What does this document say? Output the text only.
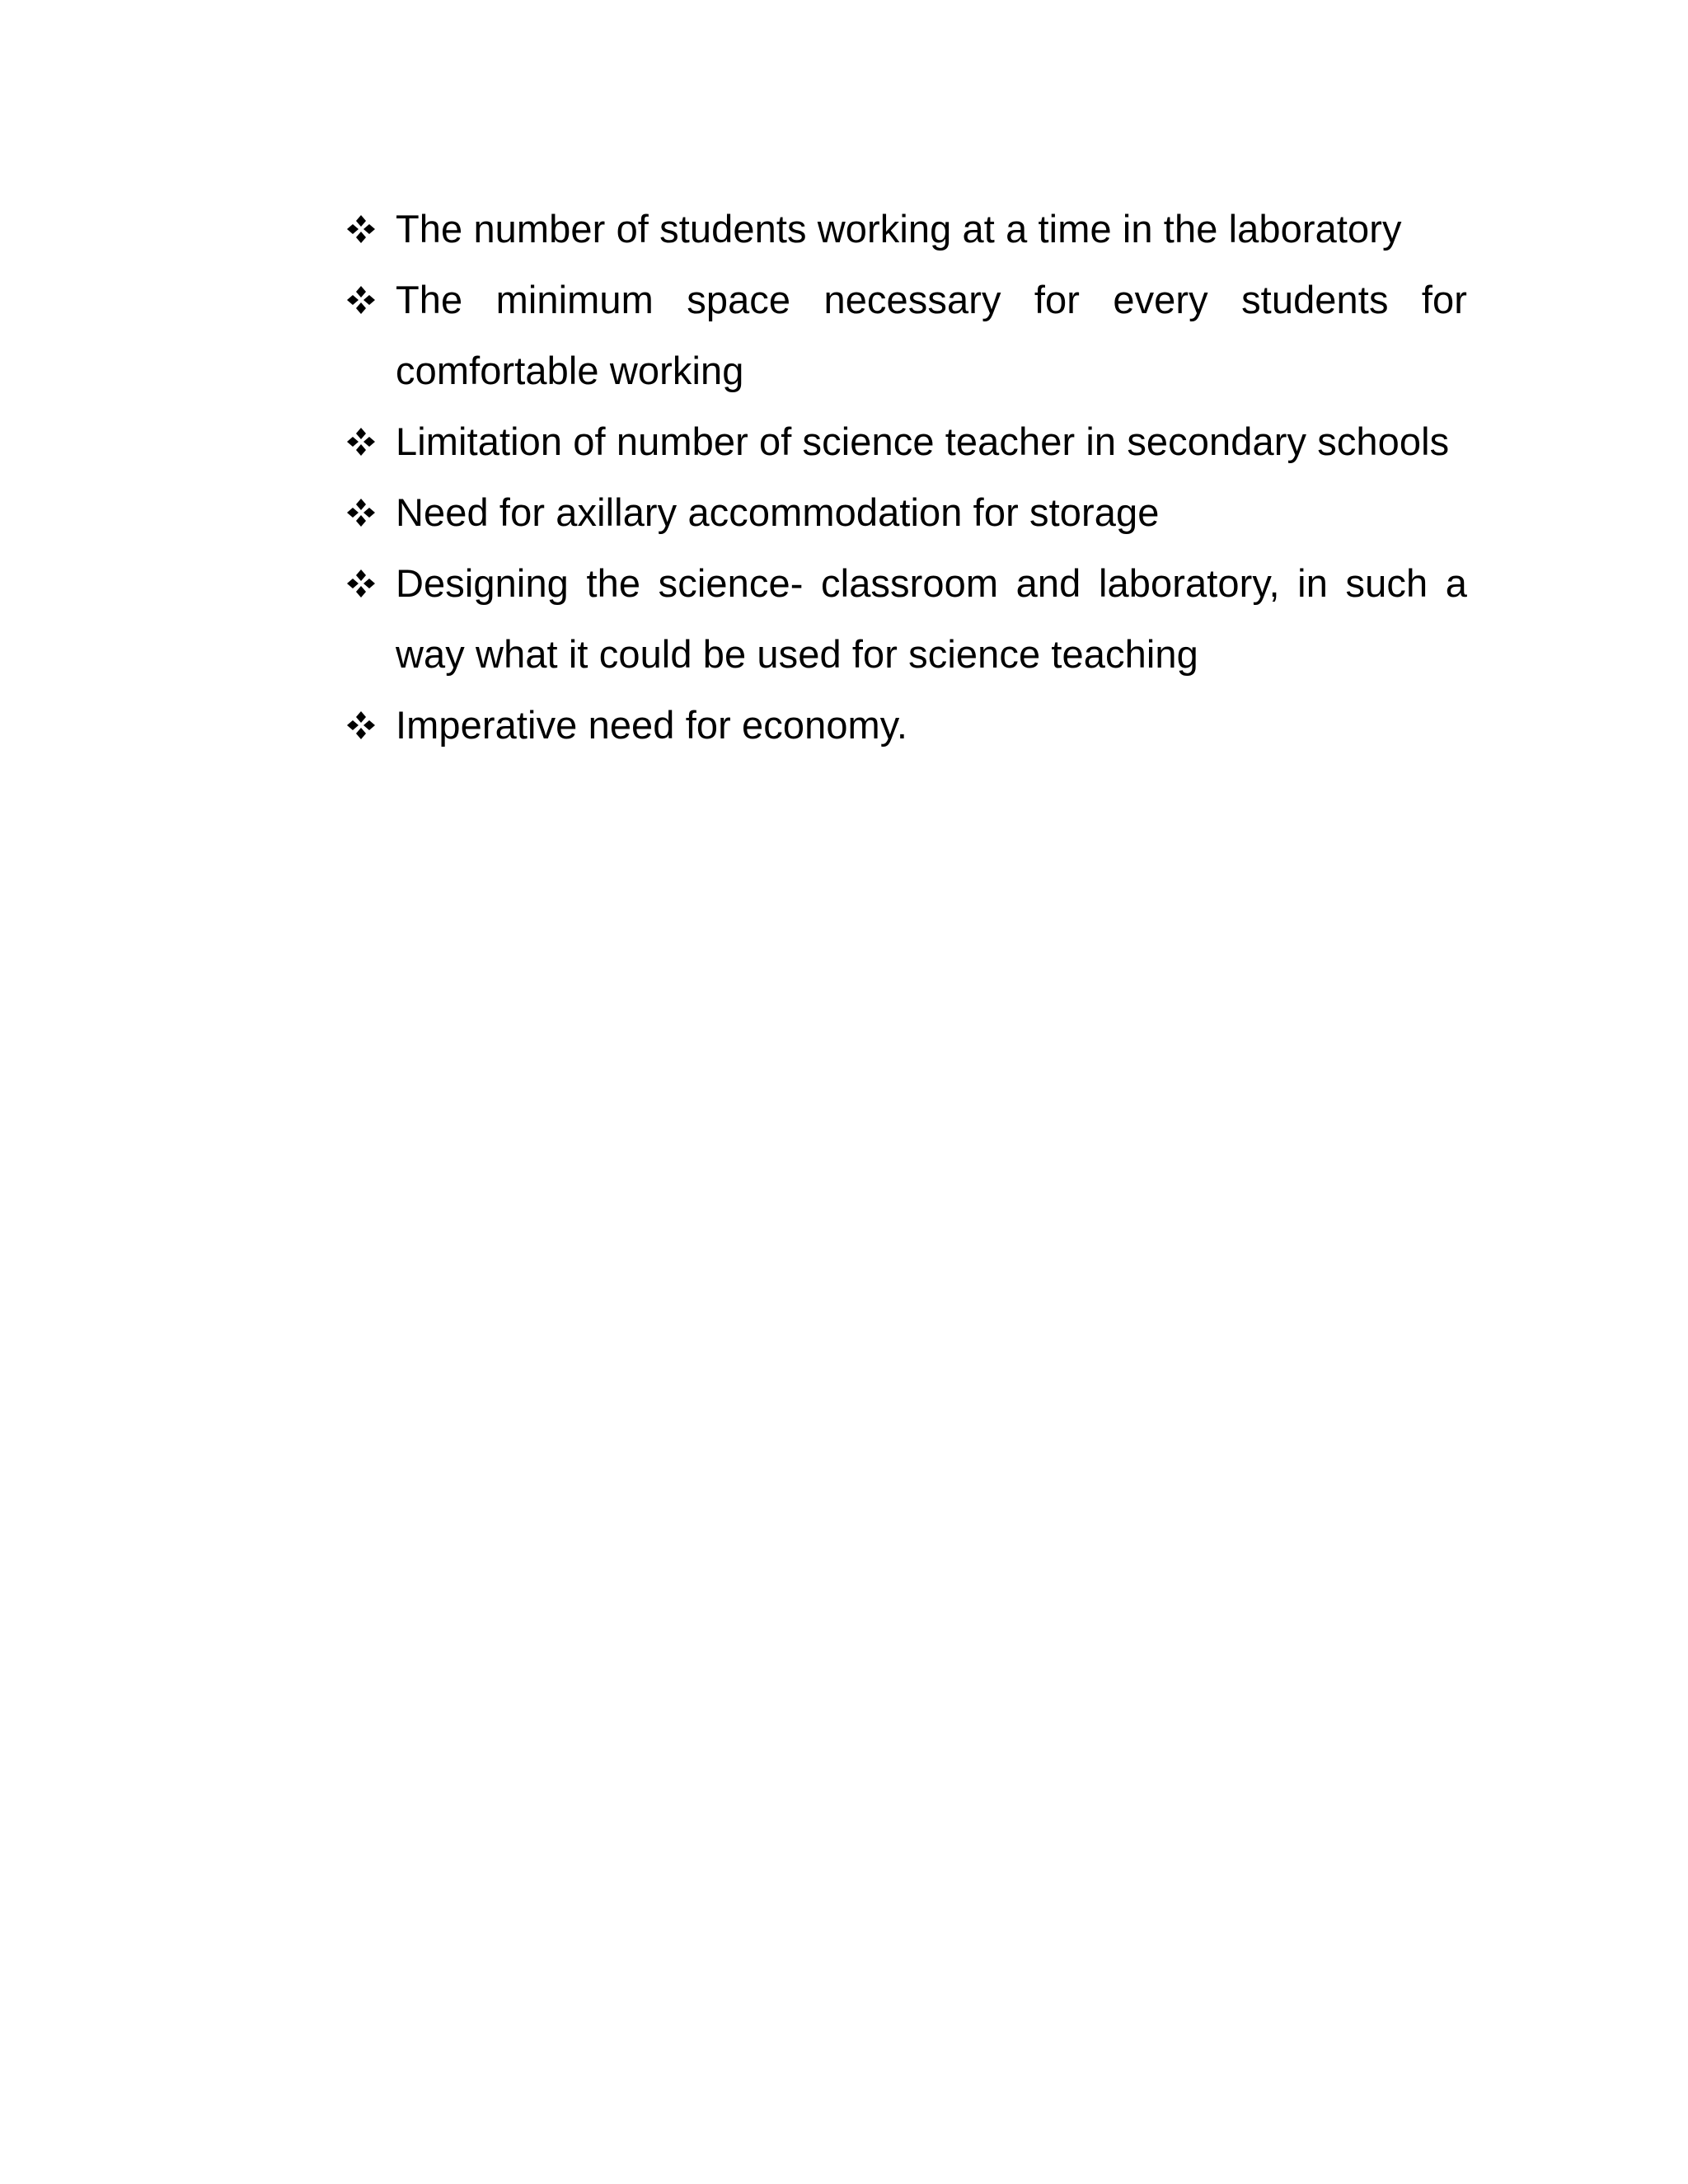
The number of students working at a time in the laboratory
The minimum space necessary for every students for comfortable working
Limitation of number of science teacher in secondary schools
Need for axillary accommodation for storage
Designing the science- classroom and laboratory, in such a way what it could be used for science teaching
Imperative need for economy.
